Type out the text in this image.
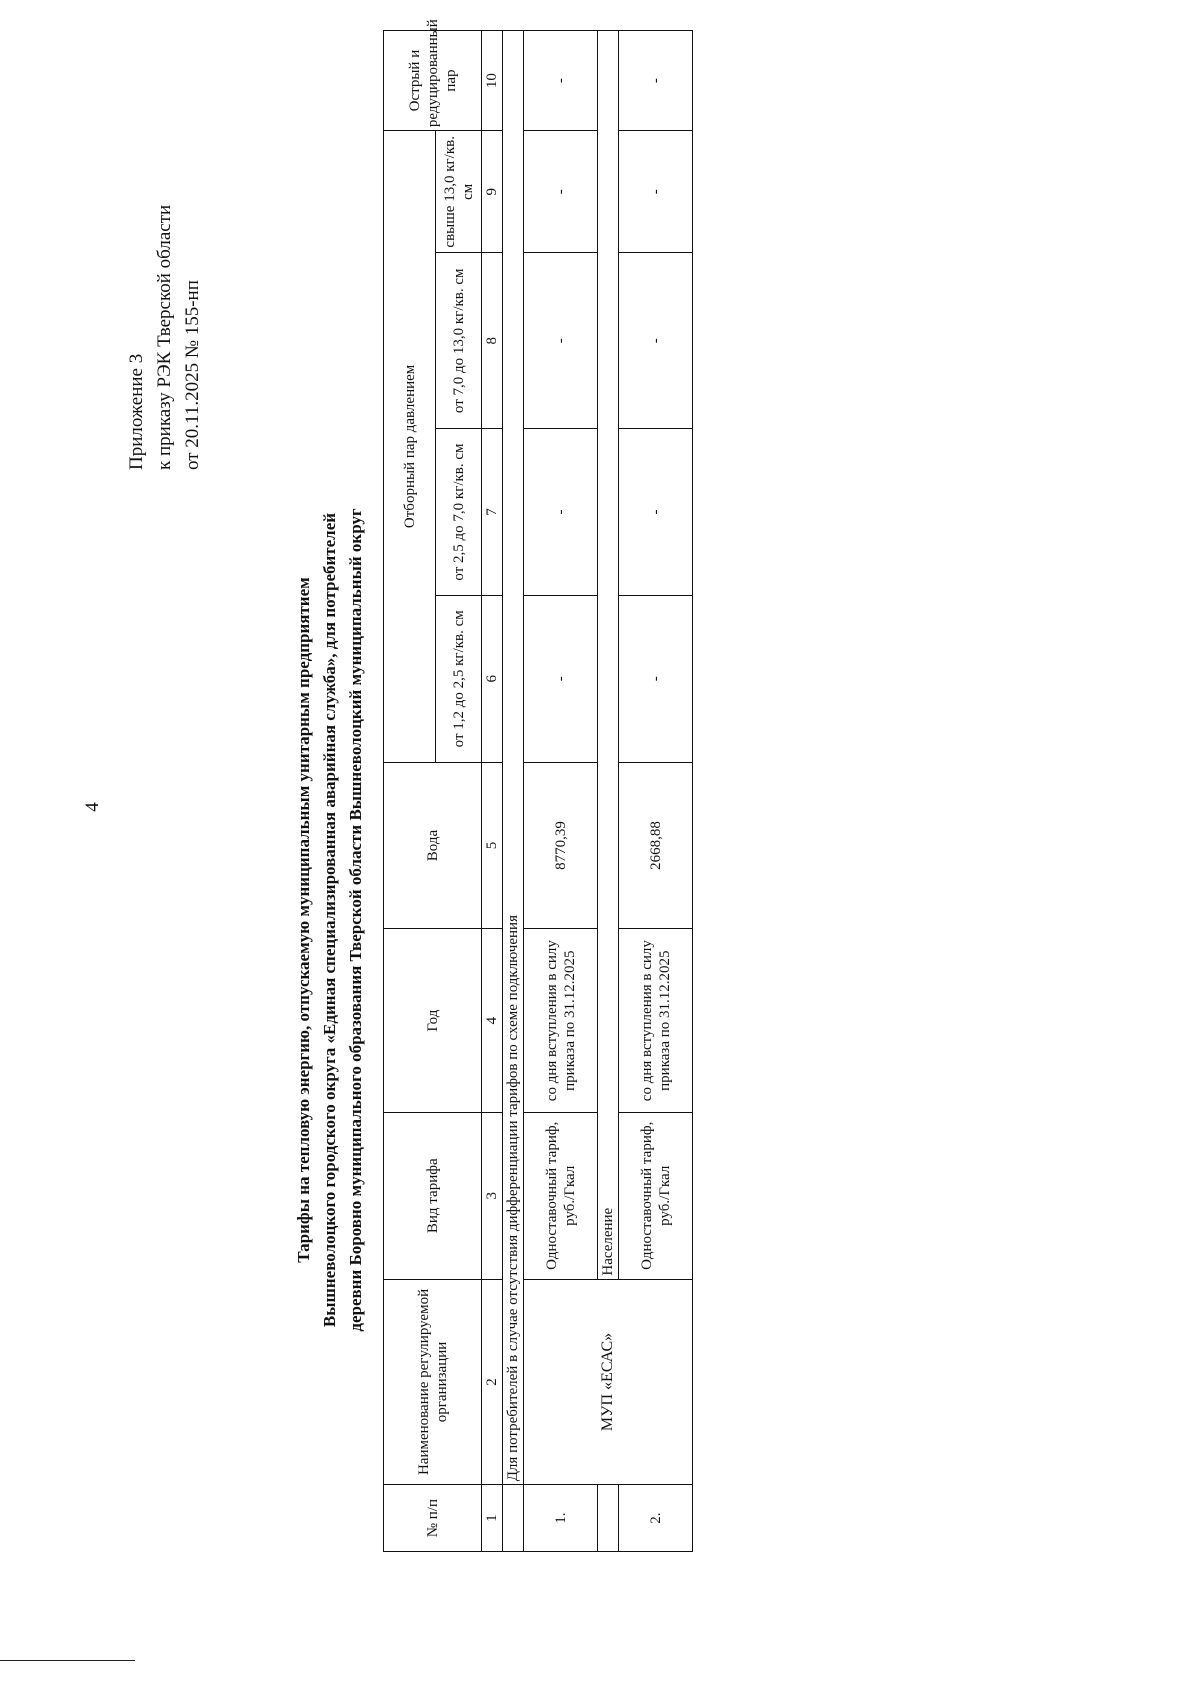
4
Приложение 3 к приказу РЭК Тверской области от 20.11.2025 № 155-нп
Тарифы на тепловую энергию, отпускаемую муниципальным унитарным предприятием Вышневолоцкого городского округа «Единая специализированная аварийная служба», для потребителей деревни Боровно муниципального образования Тверской области Вышневолоцкий муниципальный округ
№ п/п	Наименование регулируемой организации	Вид тарифа	Год	Вода	Отборный пар давлением				Острый и редуцированный пар
					от 1,2 до 2,5 кг/кв. см	от 2,5 до 7,0 кг/кв. см	от 7,0 до 13,0 кг/кв. см	свыше 13,0 кг/кв. см	
1	2	3	4	5	6	7	8	9	10
	Для потребителей в случае отсутствия дифференциации тарифов по схеме подключения								
1.	МУП «ЕСАС»	Одноставочный тариф, руб./Гкал	со дня вступления в силу приказа по 31.12.2025	8770,39	-	-	-	-	-
		Население							
2.		Одноставочный тариф, руб./Гкал	со дня вступления в силу приказа по 31.12.2025	2668,88	-	-	-	-	-
